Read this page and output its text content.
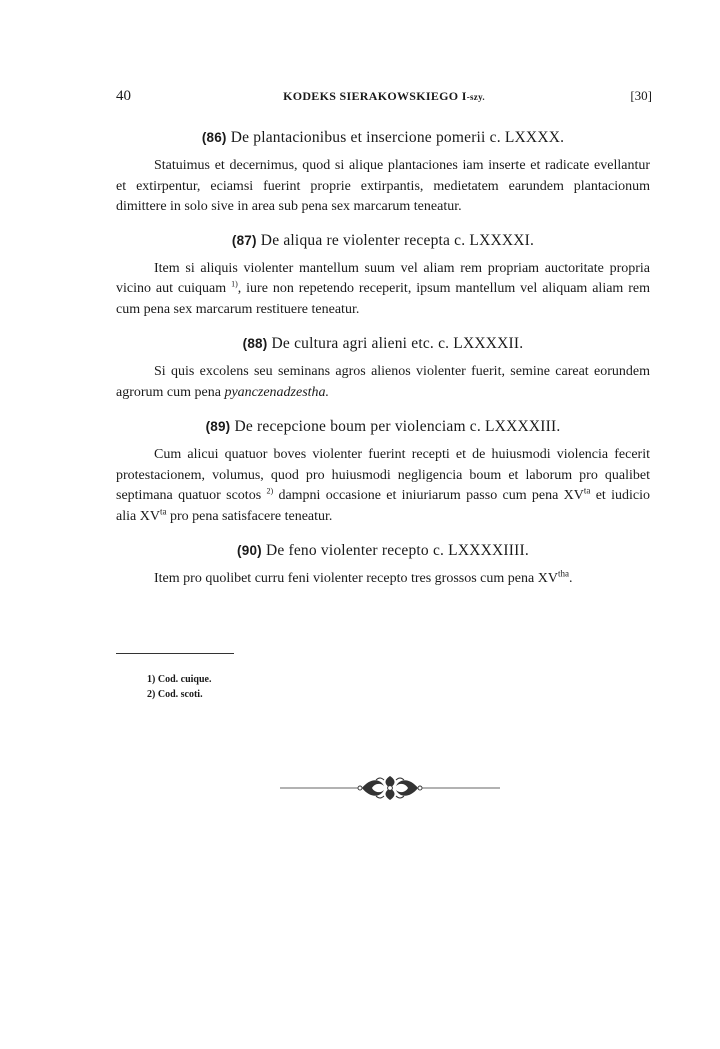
40	KODEKS SIERAKOWSKIEGO I-szy.	[30]
(86) De plantacionibus et insercione pomerii c. LXXXX.

Statuimus et decernimus, quod si alique plantaciones iam inserte et radicate evellantur et extirpentur, eciamsi fuerint proprie extirpantis, medietatem earundem plantacionum dimittere in solo sive in area sub pena sex marcarum teneatur.

(87) De aliqua re violenter recepta c. LXXXXI.

Item si aliquis violenter mantellum suum vel aliam rem propriam auctoritate propria vicino aut cuiquam $^{1)}$, iure non repetendo receperit, ipsum mantellum vel aliquam aliam rem cum pena sex marcarum restituere teneatur.

(88) De cultura agri alieni etc. c. LXXXXII.

Si quis excolens seu seminans agros alienos violenter fuerit, semine careat eorundem agrorum cum pena pyanczenadzestha.

(89) De recepcione boum per violenciam c. LXXXXIII.

Cum alicui quatuor boves violenter fuerint recepti et de huiusmodi violencia fecerit protestacionem, volumus, quod pro huiusmodi negligencia boum et laborum pro qualibet septimana quatuor scotos $^{2)}$ dampni occasione et iniuriarum passo cum pena $XV^{ta}$ et iudicio alia $XV^{ta}$ pro pena satisfacere teneatur.

(90) De feno violenter recepto c. LXXXXIIII.

Item pro quolibet curru feni violenter recepto tres grossos cum pena $XV^{tha}$.

1) Cod. cuique.
2) Cod. scoti.
